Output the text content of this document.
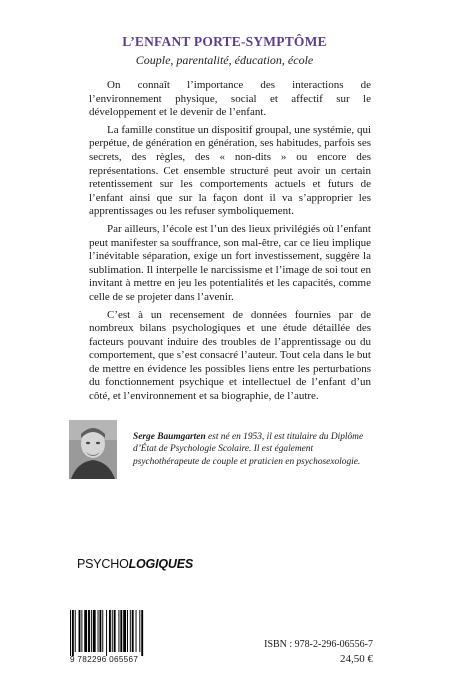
L’ENFANT PORTE-SYMPTÔME
Couple, parentalité, éducation, école

On connaît l’importance des interactions de l’environnement physique, social et affectif sur le développement et le devenir de l’enfant.

La famille constitue un dispositif groupal, une systémie, qui perpétue, de génération en génération, ses habitudes, parfois ses secrets, des règles, des « non-dits » ou encore des représentations. Cet ensemble structuré peut avoir un certain retentissement sur les comportements actuels et futurs de l’enfant ainsi que sur la façon dont il va s’approprier les apprentissages ou les refuser symboliquement.

Par ailleurs, l’école est l’un des lieux privilégiés où l’enfant peut manifester sa souffrance, son mal-être, car ce lieu implique l’inévitable séparation, exige un fort investissement, suggère la sublimation. Il interpelle le narcissisme et l’image de soi tout en invitant à mettre en jeu les potentialités et les capacités, comme celle de se projeter dans l’avenir.

C’est à un recensement de données fournies par de nombreux bilans psychologiques et une étude détaillée des facteurs pouvant induire des troubles de l’apprentissage ou du comportement, que s’est consacré l’auteur. Tout cela dans le but de mettre en évidence les possibles liens entre les perturbations du fonctionnement psychique et intellectuel de l’enfant d’un côté, et l’environnement et sa biographie, de l’autre.

Serge Baumgarten est né en 1953, il est titulaire du Diplôme d’État de Psychologie Scolaire. Il est également psychothérapeute de couple et praticien en psychosexologie.
PSYCHOLOGIQUES
9 782296 065567
ISBN : 978-2-296-06556-7
24,50 €
